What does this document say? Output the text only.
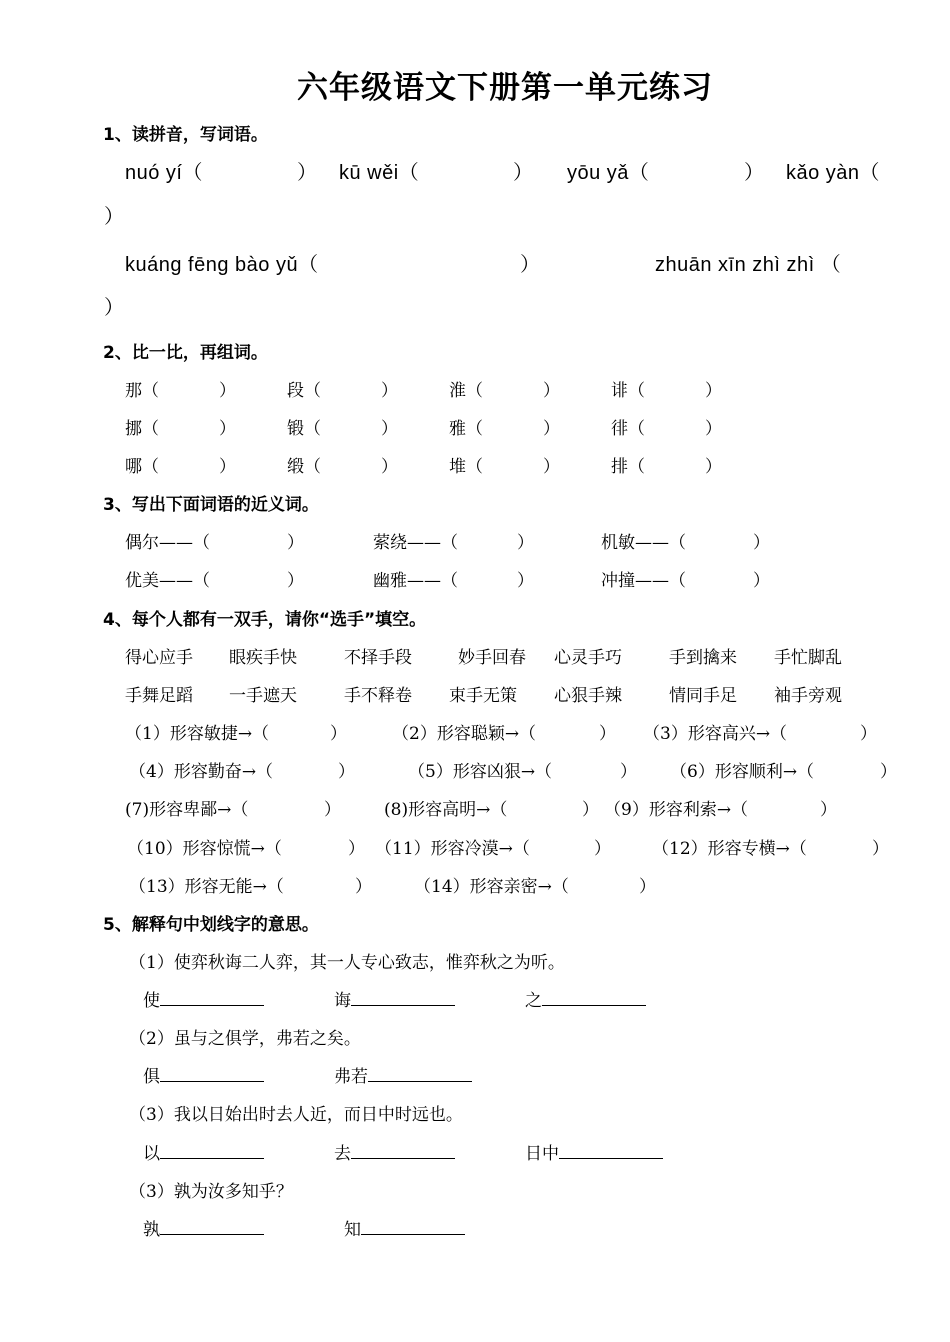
六年级语文下册第一单元练习
1、读拼音，写词语。
nuó yí（	） kū wěi（	） yōu yǎ（	） kǎo yàn（
）
kuáng fēng bào yǔ（	）	zhuān xīn zhì zhì （
）
2、比一比，再组词。
那（	）	段（	）	淮（	）	诽（	）
挪（	）	锻（	）	雅（	）	徘（	）
哪（	）	缎（	）	堆（	）	排（	）
3、写出下面词语的近义词。
偶尔——（	）	萦绕——（	）	机敏——（	）
优美——（	）	幽雅——（	）	冲撞——（	）
4、每个人都有一双手，请你“选手”填空。
得心应手 眼疾手快	不择手段	妙手回春 心灵手巧	手到擒来 手忙脚乱
手舞足蹈 一手遮天	手不释卷 束手无策 心狠手辣	情同手足 袖手旁观
（1）形容敏捷→（	）	（2）形容聪颖→（	） （3）形容高兴→（	）
（4）形容勤奋→（	）	（5）形容凶狠→（	） （6）形容顺利→（	）
(7)形容卑鄙→（	）	(8)形容高明→（	） （9）形容利索→（	）
（10）形容惊慌→（	） （11）形容冷漠→（	） （12）形容专横→（	）
（13）形容无能→（	） （14）形容亲密→（	）
5、解释句中划线字的意思。
（1）使弈秋诲二人弈，其一人专心致志，惟弈秋之为听。
使	诲	之
（2）虽与之俱学，弗若之矣。
俱	弗若
（3）我以日始出时去人近，而日中时远也。
以	去	日中
（3）孰为汝多知乎？
孰	知
